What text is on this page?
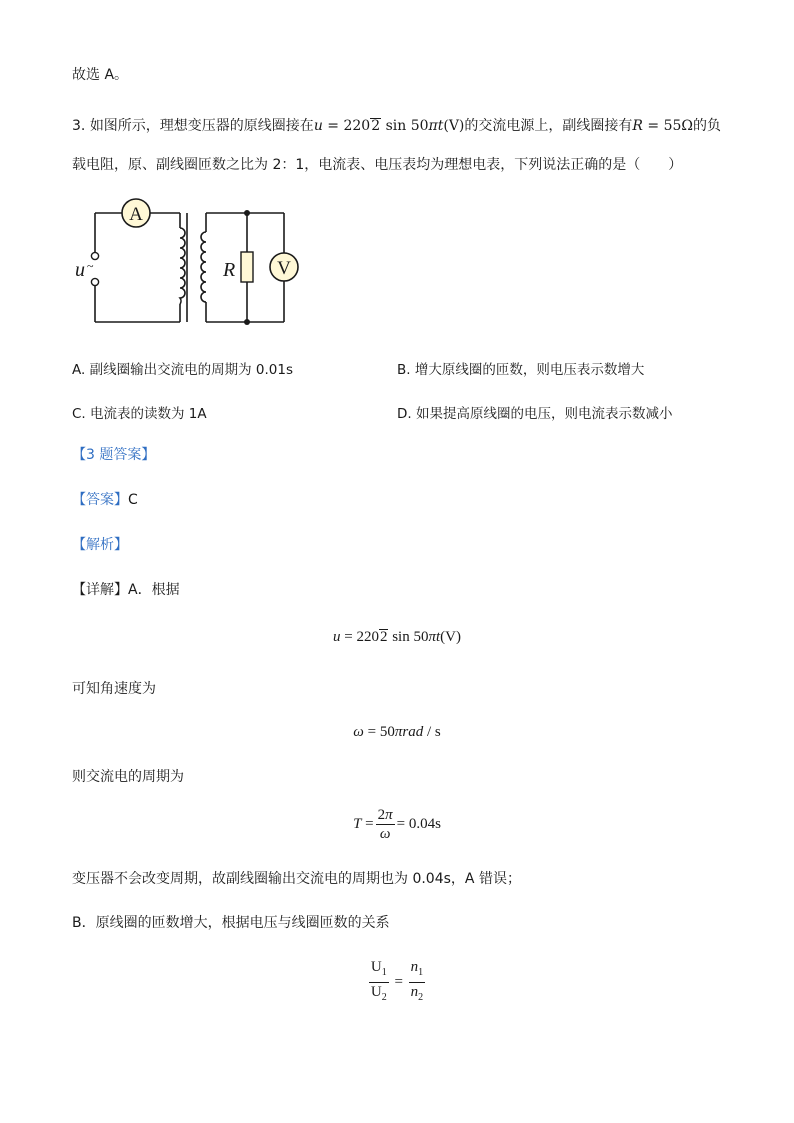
故选 A。
3. 如图所示，理想变压器的原线圈接在u = 2202 sin 50πt(V)的交流电源上，副线圈接有R = 55Ω的负
载电阻，原、副线圈匝数之比为 2：1，电流表、电压表均为理想电表，下列说法正确的是（　　）
u ~
A
R V
A. 副线圈输出交流电的周期为 0.01s	B. 增大原线圈的匝数，则电压表示数增大
C. 电流表的读数为 1A	D. 如果提高原线圈的电压，则电流表示数减小
【3 题答案】
【答案】C
【解析】
【详解】A．根据
u = 2202 sin 50πt(V)
可知角速度为
ω = 50πrad / s
则交流电的周期为
$T = \frac{2\pi}{\omega} = 0.04s$
变压器不会改变周期，故副线圈输出交流电的周期也为 0.04s，A 错误；
B．原线圈的匝数增大，根据电压与线圈匝数的关系
$\frac{U_1}{U_2} = \frac{n_1}{n_2}$
